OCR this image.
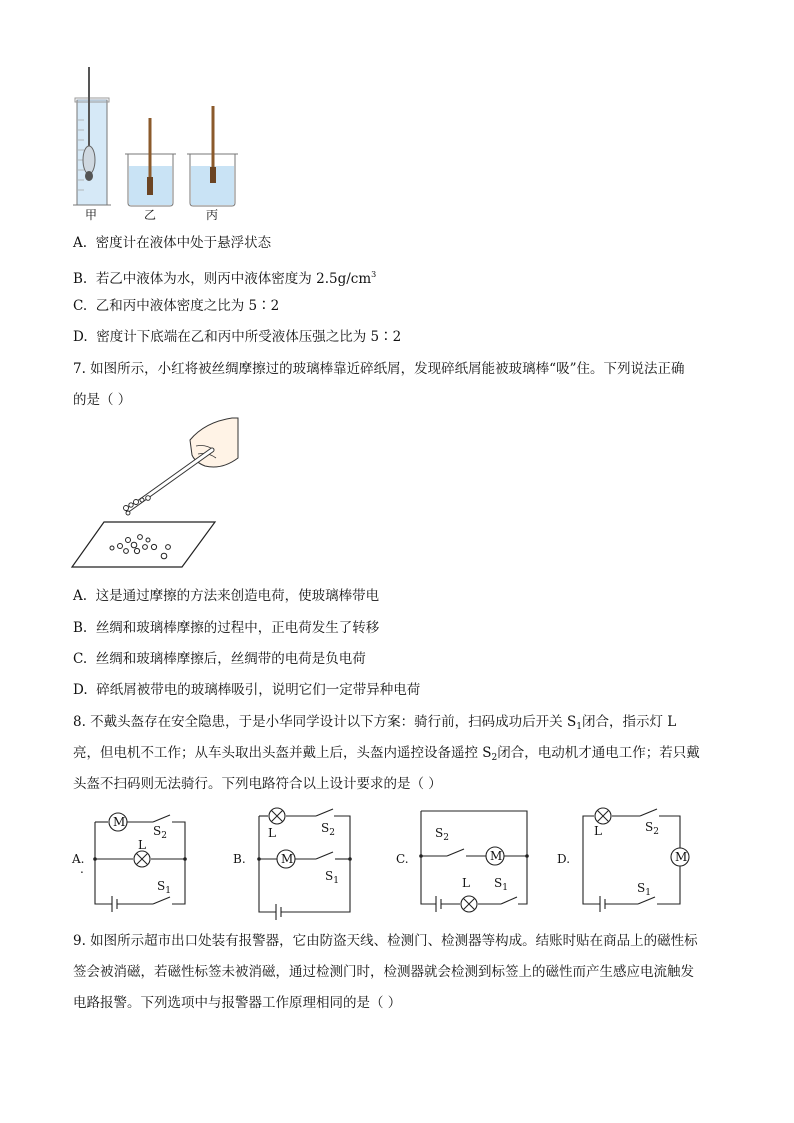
甲	乙	丙
A. 密度计在液体中处于悬浮状态
B. 若乙中液体为水，则丙中液体密度为 $2.5g/cm^3$
C. 乙和丙中液体密度之比为 5∶2
D. 密度计下底端在乙和丙中所受液体压强之比为 5∶2
7. 如图所示，小红将被丝绸摩擦过的玻璃棒靠近碎纸屑，发现碎纸屑能被玻璃棒“吸”住。下列说法正确
的是（ ）
A. 这是通过摩擦的方法来创造电荷，使玻璃棒带电
B. 丝绸和玻璃棒摩擦的过程中，正电荷发生了转移
C. 丝绸和玻璃棒摩擦后，丝绸带的电荷是负电荷
D. 碎纸屑被带电的玻璃棒吸引，说明它们一定带异种电荷
8. 不戴头盔存在安全隐患，于是小华同学设计以下方案：骑行前，扫码成功后开关 $S_1$闭合，指示灯 L
亮，但电机不工作；从车头取出头盔并戴上后，头盔内遥控设备遥控 $S_2$闭合，电动机才通电工作；若只戴
头盔不扫码则无法骑行。下列电路符合以上设计要求的是（ ）
A.
.
M
$S_2$
L
$S_1$
B.
L	$S_2$
M
$S_1$
C.
$S_2$
M
L $S_1$
D.
L	$S_2$
M
$S_1$
9. 如图所示超市出口处装有报警器，它由防盗天线、检测门、检测器等构成。结账时贴在商品上的磁性标
签会被消磁，若磁性标签未被消磁，通过检测门时，检测器就会检测到标签上的磁性而产生感应电流触发
电路报警。下列选项中与报警器工作原理相同的是（ ）
